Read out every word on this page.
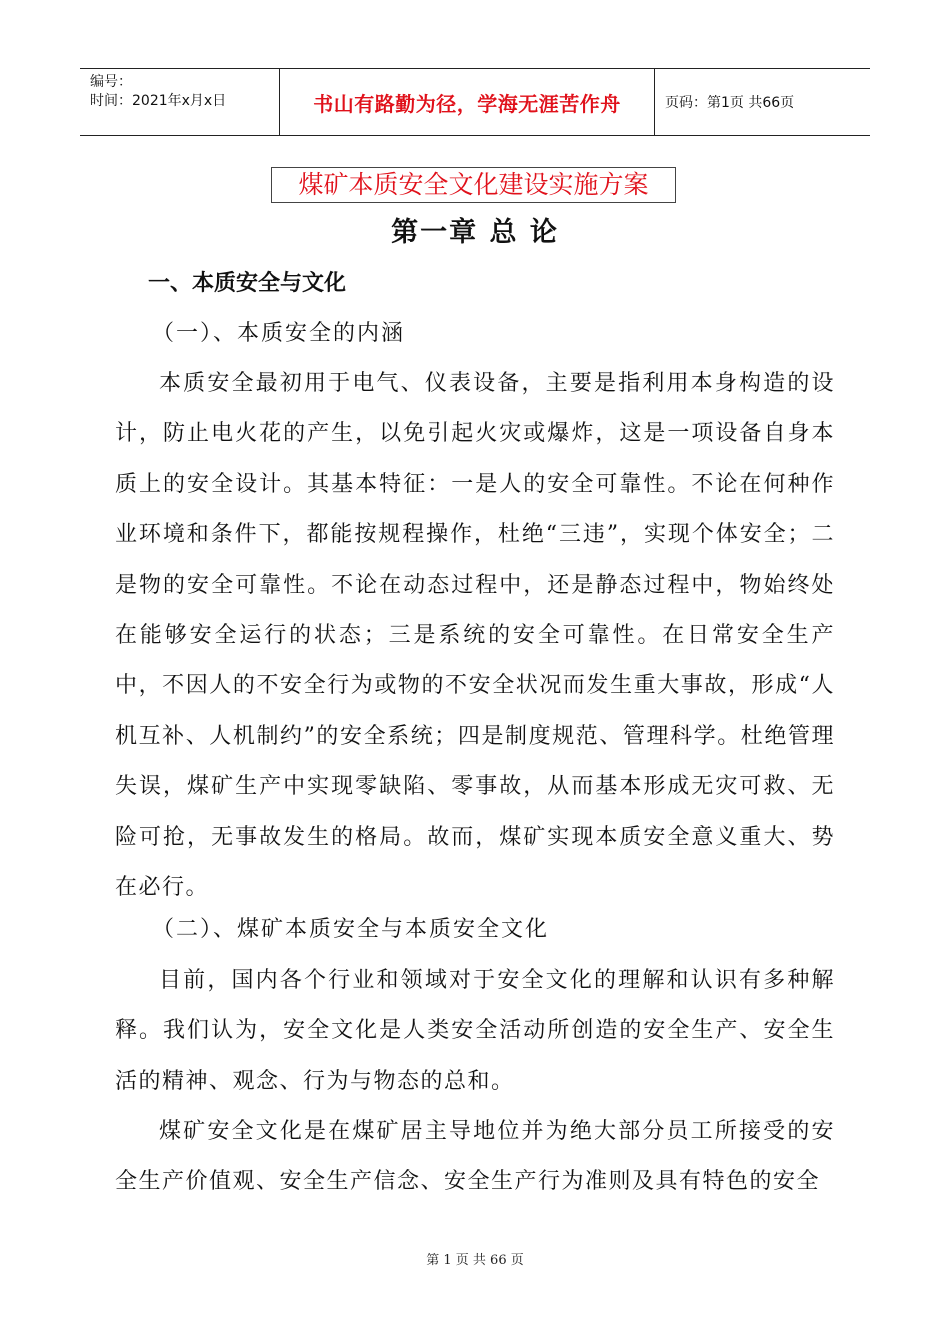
编号：
时间：2021年x月x日	书山有路勤为径，学海无涯苦作舟	页码：第1页 共66页
煤矿本质安全文化建设实施方案
第一章 总 论
一、本质安全与文化
（一）、本质安全的内涵

本质安全最初用于电气、仪表设备，主要是指利用本身构造的设计，防止电火花的产生，以免引起火灾或爆炸，这是一项设备自身本质上的安全设计。其基本特征：一是人的安全可靠性。不论在何种作业环境和条件下，都能按规程操作，杜绝“三违”，实现个体安全；二是物的安全可靠性。不论在动态过程中，还是静态过程中，物始终处在能够安全运行的状态；三是系统的安全可靠性。在日常安全生产中，不因人的不安全行为或物的不安全状况而发生重大事故，形成“人机互补、人机制约”的安全系统；四是制度规范、管理科学。杜绝管理失误，煤矿生产中实现零缺陷、零事故，从而基本形成无灾可救、无险可抢，无事故发生的格局。故而，煤矿实现本质安全意义重大、势在必行。

（二）、煤矿本质安全与本质安全文化

目前，国内各个行业和领域对于安全文化的理解和认识有多种解释。我们认为，安全文化是人类安全活动所创造的安全生产、安全生活的精神、观念、行为与物态的总和。

煤矿安全文化是在煤矿居主导地位并为绝大部分员工所接受的安全生产价值观、安全生产信念、安全生产行为准则及具有特色的安全

第 1 页 共 66 页
